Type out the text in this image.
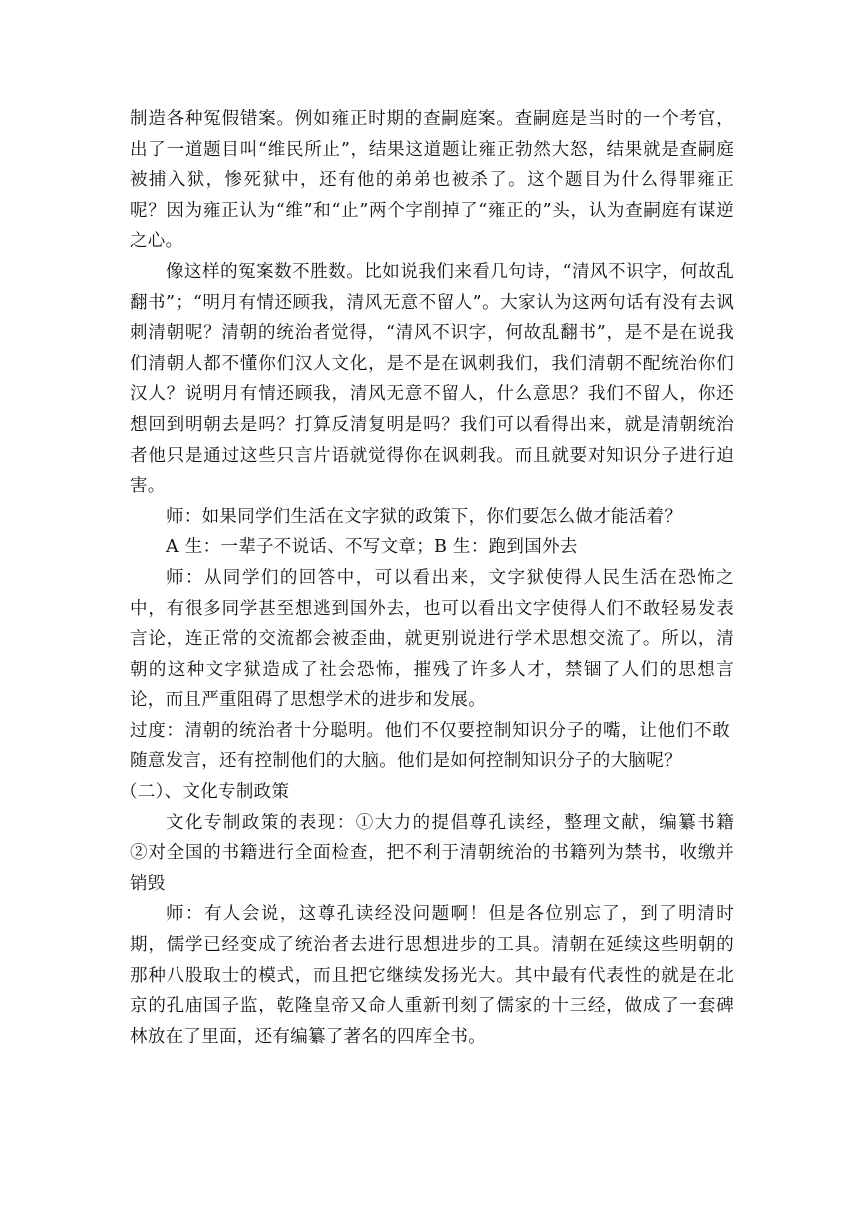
制造各种冤假错案。例如雍正时期的查嗣庭案。查嗣庭是当时的一个考官，出了一道题目叫“维民所止”，结果这道题让雍正勃然大怒，结果就是查嗣庭被捕入狱，惨死狱中，还有他的弟弟也被杀了。这个题目为什么得罪雍正呢？因为雍正认为“维”和“止”两个字削掉了“雍正的”头，认为查嗣庭有谋逆之心。

像这样的冤案数不胜数。比如说我们来看几句诗，“清风不识字，何故乱翻书”；“明月有情还顾我，清风无意不留人”。大家认为这两句话有没有去讽刺清朝呢？清朝的统治者觉得，“清风不识字，何故乱翻书”，是不是在说我们清朝人都不懂你们汉人文化，是不是在讽刺我们，我们清朝不配统治你们汉人？说明月有情还顾我，清风无意不留人，什么意思？我们不留人，你还想回到明朝去是吗？打算反清复明是吗？我们可以看得出来，就是清朝统治者他只是通过这些只言片语就觉得你在讽刺我。而且就要对知识分子进行迫害。

师：如果同学们生活在文字狱的政策下，你们要怎么做才能活着？

A 生：一辈子不说话、不写文章；B 生：跑到国外去

师：从同学们的回答中，可以看出来，文字狱使得人民生活在恐怖之中，有很多同学甚至想逃到国外去，也可以看出文字使得人们不敢轻易发表言论，连正常的交流都会被歪曲，就更别说进行学术思想交流了。所以，清朝的这种文字狱造成了社会恐怖，摧残了许多人才，禁锢了人们的思想言论，而且严重阻碍了思想学术的进步和发展。

过度：清朝的统治者十分聪明。他们不仅要控制知识分子的嘴，让他们不敢随意发言，还有控制他们的大脑。他们是如何控制知识分子的大脑呢？

（二）、文化专制政策

文化专制政策的表现：①大力的提倡尊孔读经，整理文献，编纂书籍　②对全国的书籍进行全面检查，把不利于清朝统治的书籍列为禁书，收缴并销毁

师：有人会说，这尊孔读经没问题啊！但是各位别忘了，到了明清时期，儒学已经变成了统治者去进行思想进步的工具。清朝在延续这些明朝的那种八股取士的模式，而且把它继续发扬光大。其中最有代表性的就是在北京的孔庙国子监，乾隆皇帝又命人重新刊刻了儒家的十三经，做成了一套碑林放在了里面，还有编纂了著名的四库全书。
